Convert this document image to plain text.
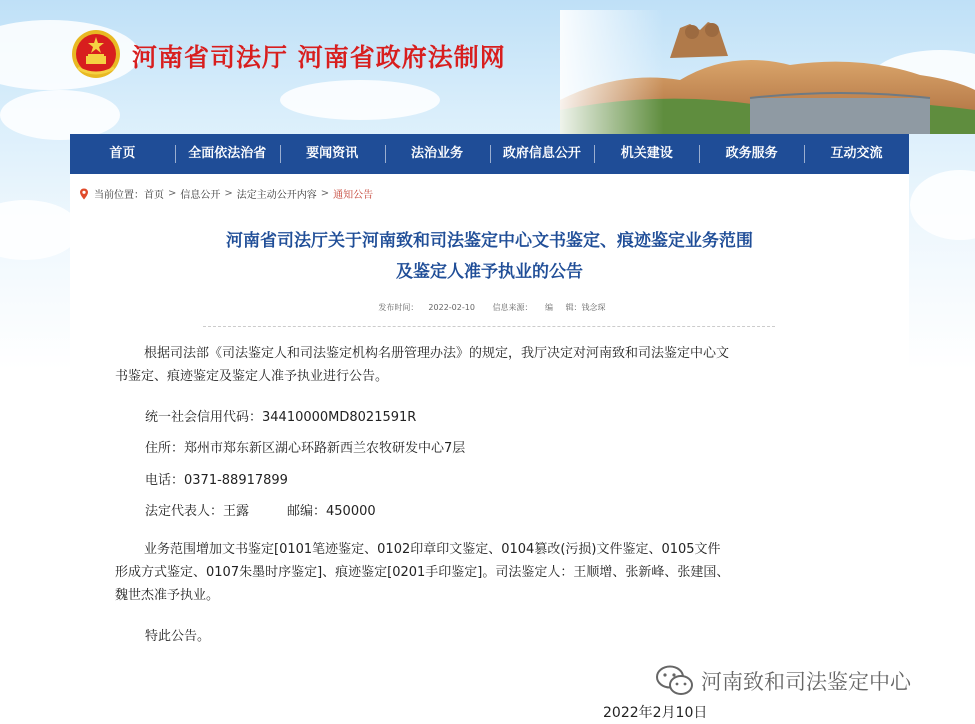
河南省司法厅 河南省政府法制网
首页	全面依法治省	要闻资讯	法治业务	政府信息公开	机关建设	政务服务	互动交流
当前位置： 首页 > 信息公开 > 法定主动公开内容 > 通知公告
河南省司法厅关于河南致和司法鉴定中心文书鉴定、痕迹鉴定业务范围
及鉴定人准予执业的公告
发布时间： 2022-02-10 信息来源： 编 辑：钱念琛

根据司法部《司法鉴定人和司法鉴定机构名册管理办法》的规定，我厅决定对河南致和司法鉴定中心文书鉴定、痕迹鉴定及鉴定人准予执业进行公告。

统一社会信用代码：34410000MD8021591R
住所：郑州市郑东新区湖心环路新西兰农牧研发中心7层
电话：0371-88917899
法定代表人：王露	邮编：450000

业务范围增加文书鉴定[0101笔迹鉴定、0102印章印文鉴定、0104篡改(污损)文件鉴定、0105文件形成方式鉴定、0107朱墨时序鉴定]、痕迹鉴定[0201手印鉴定]。司法鉴定人：王顺增、张新峰、张建国、魏世杰准予执业。

特此公告。
河南致和司法鉴定中心
2022年2月10日
